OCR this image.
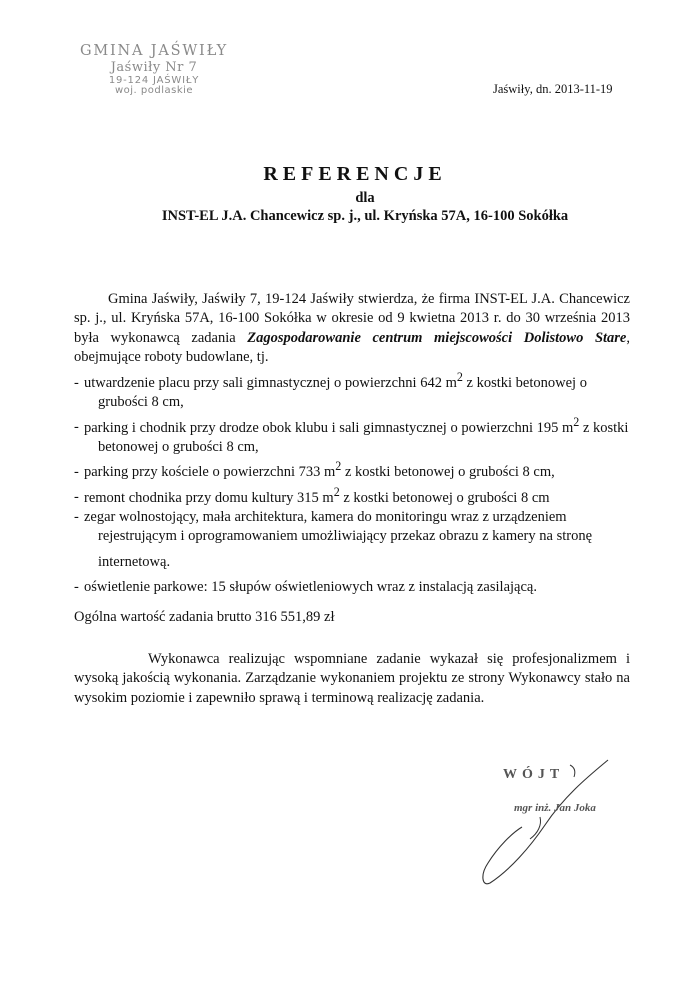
GMINA JAŚWIŁY
Jaświły Nr 7
19-124 JAŚWIŁY
woj. podlaskie	Jaświły, dn. 2013-11-19
REFERENCJE
dla
INST-EL J.A. Chancewicz sp. j., ul. Kryńska 57A, 16-100 Sokółka
Gmina Jaświły, Jaświły 7, 19-124 Jaświły stwierdza, że firma INST-EL J.A. Chancewicz sp. j., ul. Kryńska 57A, 16-100 Sokółka w okresie od 9 kwietna 2013 r. do 30 września 2013 była wykonawcą zadania Zagospodarowanie centrum miejscowości Dolistowo Stare, obejmujące roboty budowlane, tj.
- utwardzenie placu przy sali gimnastycznej o powierzchni 642 $m^2$ z kostki betonowej o grubości 8 cm,
- parking i chodnik przy drodze obok klubu i sali gimnastycznej o powierzchni 195 $m^2$ z kostki betonowej o grubości 8 cm,
- parking przy kościele o powierzchni 733 $m^2$ z kostki betonowej o grubości 8 cm,
- remont chodnika przy domu kultury 315 $m^2$ z kostki betonowej o grubości 8 cm
- zegar wolnostojący, mała architektura, kamera do monitoringu wraz z urządzeniem rejestrującym i oprogramowaniem umożliwiający przekaz obrazu z kamery na stronę internetową.
- oświetlenie parkowe: 15 słupów oświetleniowych wraz z instalacją zasilającą.
Ogólna wartość zadania brutto 316 551,89 zł
Wykonawca realizując wspomniane zadanie wykazał się profesjonalizmem i wysoką jakością wykonania. Zarządzanie wykonaniem projektu ze strony Wykonawcy stało na wysokim poziomie i zapewniło sprawą i terminową realizację zadania.
WÓJT
mgr inż. Jan Joka
